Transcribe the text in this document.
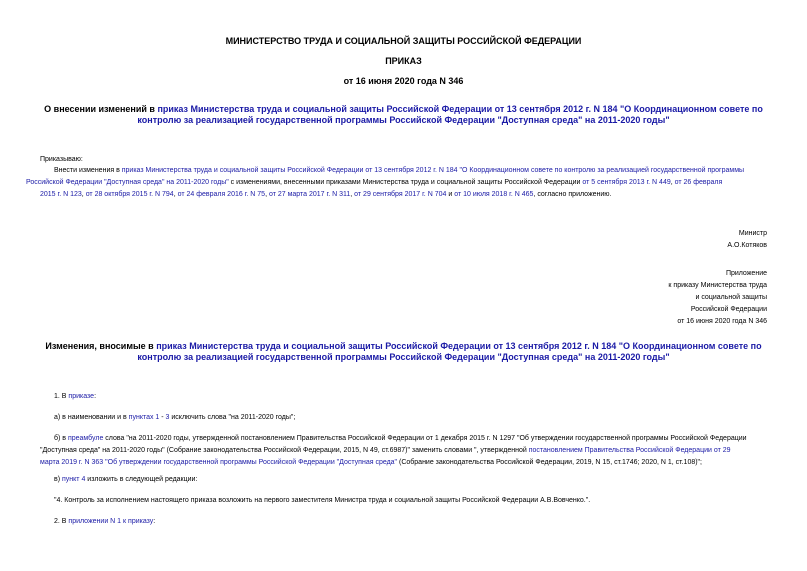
МИНИСТЕРСТВО ТРУДА И СОЦИАЛЬНОЙ ЗАЩИТЫ РОССИЙСКОЙ ФЕДЕРАЦИИ
ПРИКАЗ
от 16 июня 2020 года N 346
О внесении изменений в приказ Министерства труда и социальной защиты Российской Федерации от 13 сентября 2012 г. N 184 "О Координационном совете по
контролю за реализацией государственной программы Российской Федерации "Доступная среда" на 2011-2020 годы"
Приказываю:
Внести изменения в приказ Министерства труда и социальной защиты Российской Федерации от 13 сентября 2012 г. N 184 "О Координационном совете по контролю за реализацией государственной программы
Российской Федерации "Доступная среда" на 2011-2020 годы" с изменениями, внесенными приказами Министерства труда и социальной защиты Российской Федерации от 5 сентября 2013 г. N 449, от 26 февраля
2015 г. N 123, от 28 октября 2015 г. N 794, от 24 февраля 2016 г. N 75, от 27 марта 2017 г. N 311, от 29 сентября 2017 г. N 704 и от 10 июля 2018 г. N 465, согласно приложению.
Министр
А.О.Котяков
Приложение
к приказу Министерства труда
и социальной защиты
Российской Федерации
от 16 июня 2020 года N 346
Изменения, вносимые в приказ Министерства труда и социальной защиты Российской Федерации от 13 сентября 2012 г. N 184 "О Координационном совете по
контролю за реализацией государственной программы Российской Федерации "Доступная среда" на 2011-2020 годы"
1. В приказе:
а) в наименовании и в пунктах 1 - 3 исключить слова "на 2011-2020 годы";
б) в преамбуле слова "на 2011-2020 годы, утвержденной постановлением Правительства Российской Федерации от 1 декабря 2015 г. N 1297 "Об утверждении государственной программы Российской Федерации
"Доступная среда" на 2011-2020 годы" (Собрание законодательства Российской Федерации, 2015, N 49, ст.6987)" заменить словами ", утвержденной постановлением Правительства Российской Федерации от 29
марта 2019 г. N 363 "Об утверждении государственной программы Российской Федерации "Доступная среда" (Собрание законодательства Российской Федерации, 2019, N 15, ст.1746; 2020, N 1, ст.108)";
в) пункт 4 изложить в следующей редакции:
"4. Контроль за исполнением настоящего приказа возложить на первого заместителя Министра труда и социальной защиты Российской Федерации А.В.Вовченко.".
2. В приложении N 1 к приказу:
